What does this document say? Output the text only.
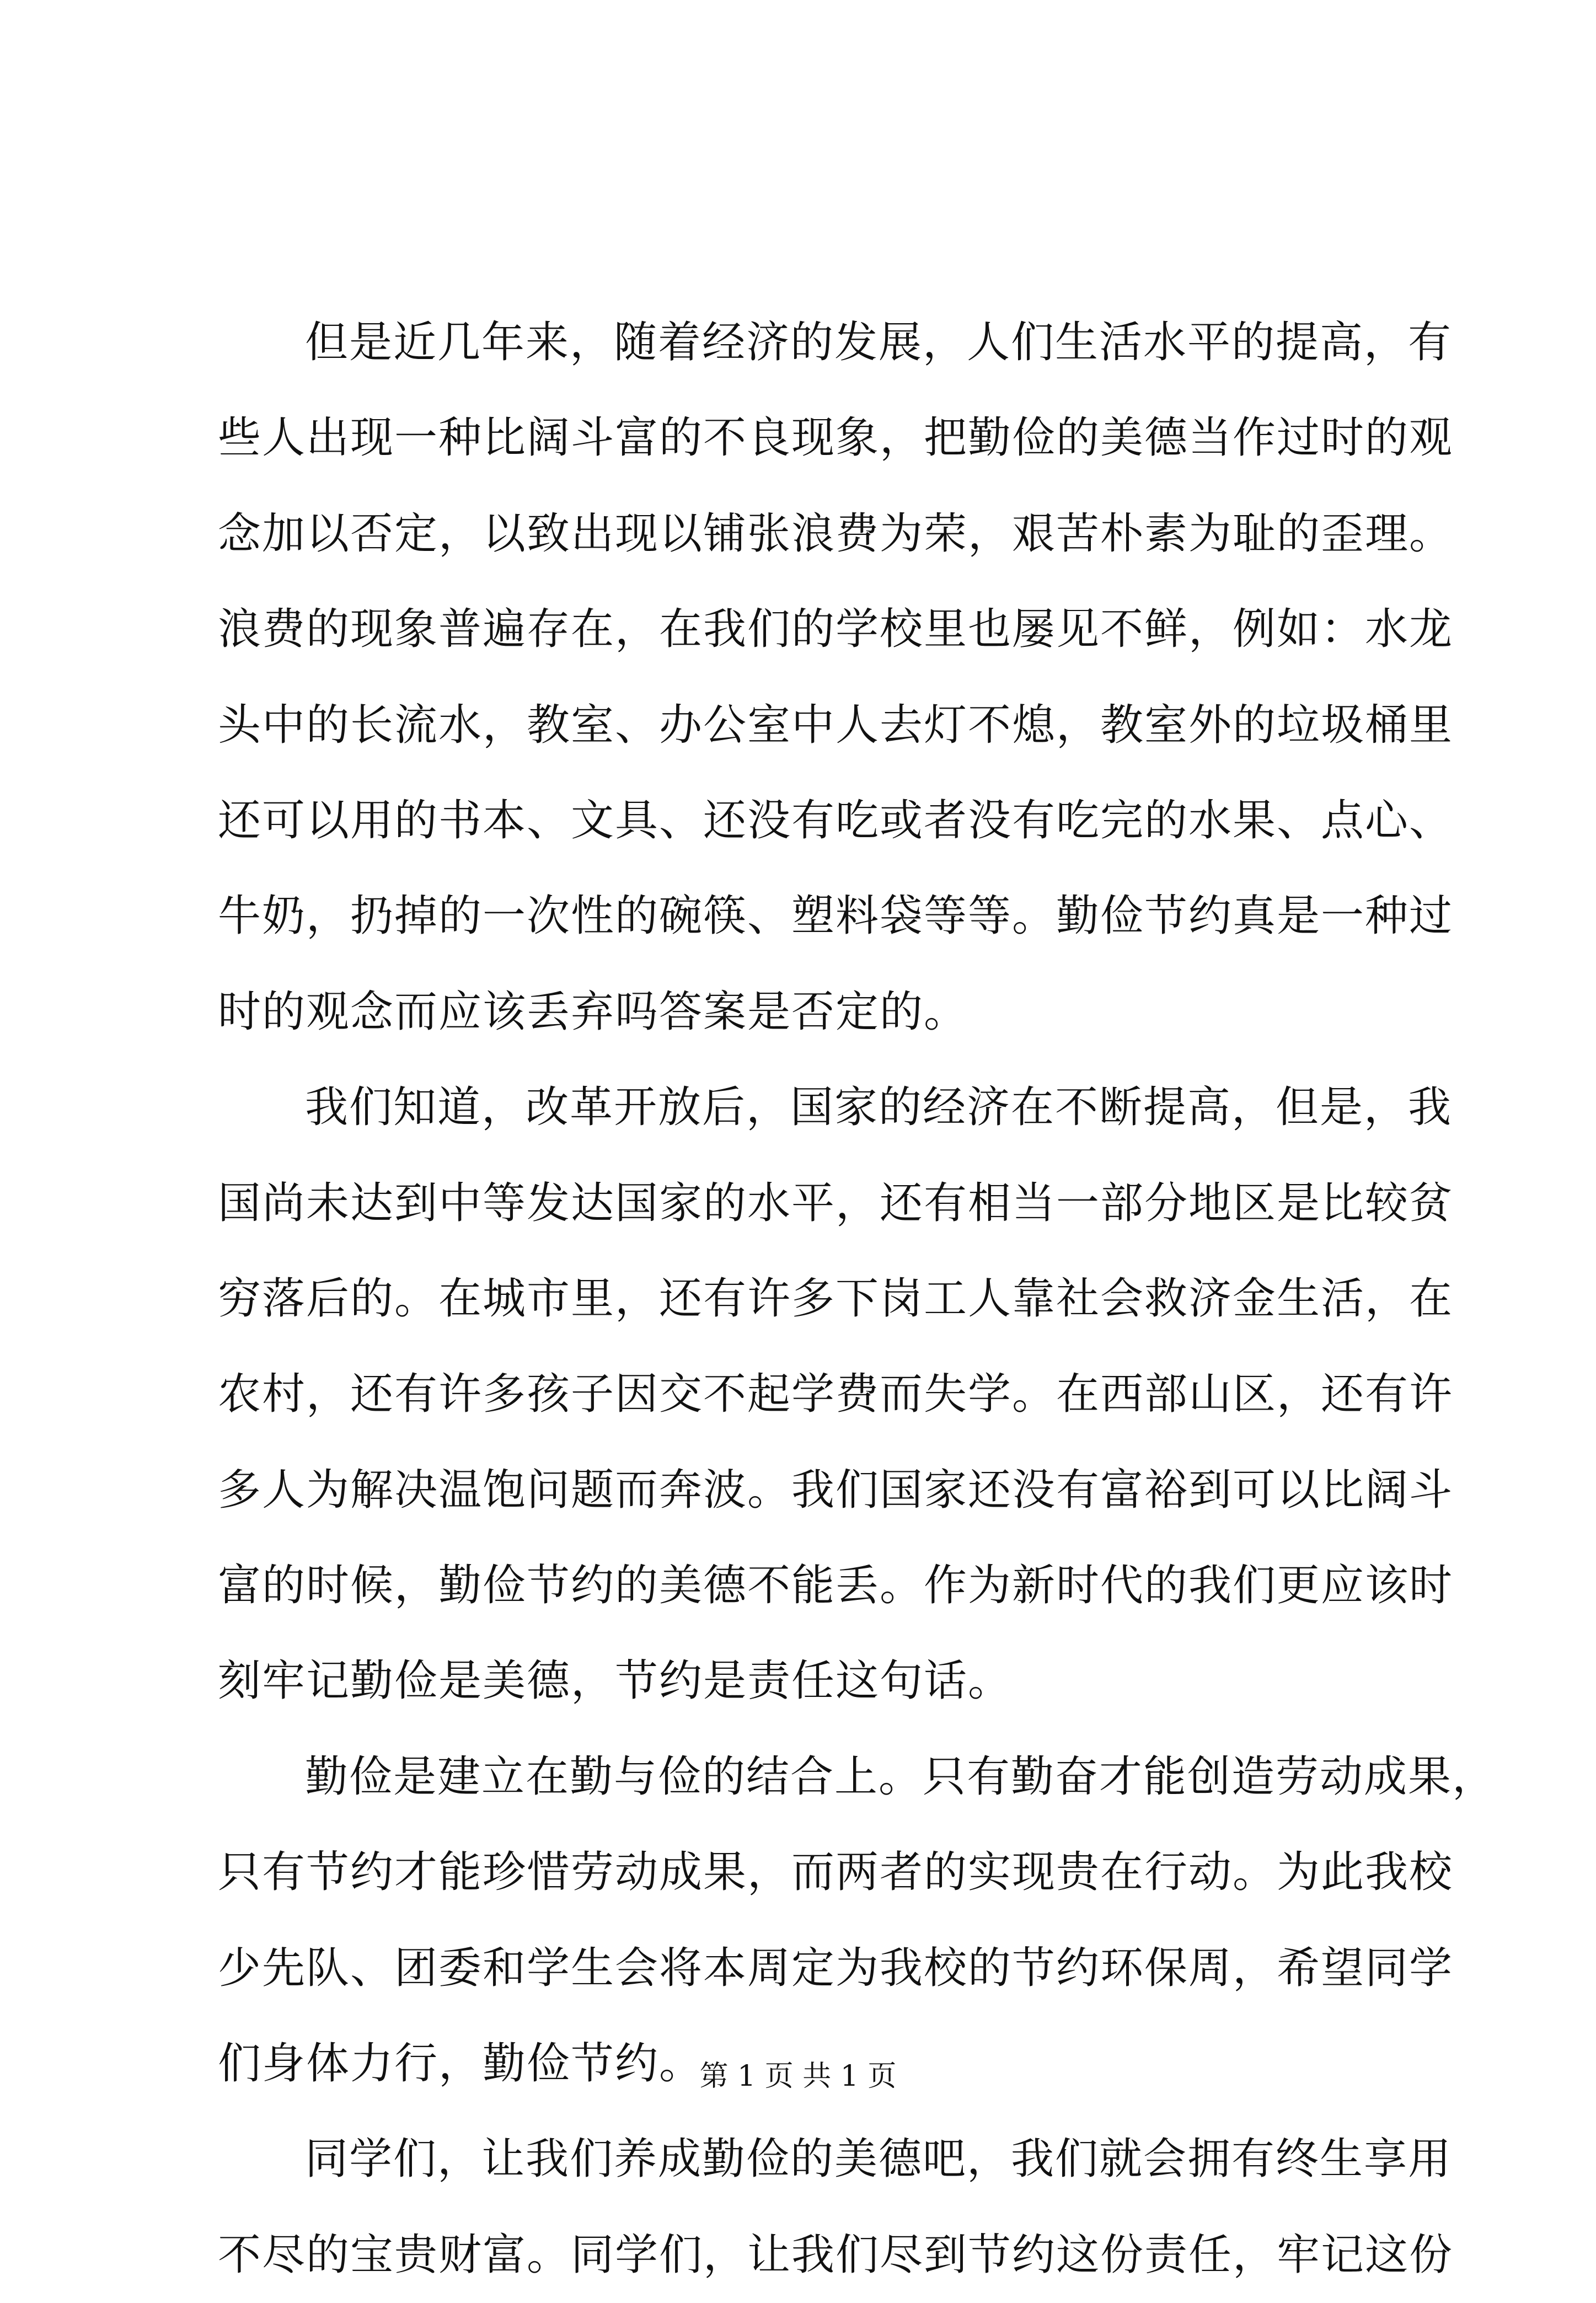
但是近几年来，随着经济的发展，人们生活水平的提高，有
些人出现一种比阔斗富的不良现象，把勤俭的美德当作过时的观
念加以否定，以致出现以铺张浪费为荣，艰苦朴素为耻的歪理。
浪费的现象普遍存在，在我们的学校里也屡见不鲜，例如：水龙
头中的长流水，教室、办公室中人去灯不熄，教室外的垃圾桶里
还可以用的书本、文具、还没有吃或者没有吃完的水果、点心、
牛奶，扔掉的一次性的碗筷、塑料袋等等。勤俭节约真是一种过
时的观念而应该丢弃吗答案是否定的。
我们知道，改革开放后，国家的经济在不断提高，但是，我
国尚未达到中等发达国家的水平，还有相当一部分地区是比较贫
穷落后的。在城市里，还有许多下岗工人靠社会救济金生活，在
农村，还有许多孩子因交不起学费而失学。在西部山区，还有许
多人为解决温饱问题而奔波。我们国家还没有富裕到可以比阔斗
富的时候，勤俭节约的美德不能丢。作为新时代的我们更应该时
刻牢记勤俭是美德，节约是责任这句话。
勤俭是建立在勤与俭的结合上。只有勤奋才能创造劳动成果，
只有节约才能珍惜劳动成果，而两者的实现贵在行动。为此我校
少先队、团委和学生会将本周定为我校的节约环保周，希望同学
们身体力行，勤俭节约。
同学们，让我们养成勤俭的美德吧，我们就会拥有终生享用
不尽的宝贵财富。同学们，让我们尽到节约这份责任，牢记这份
第 1 页 共 1 页
